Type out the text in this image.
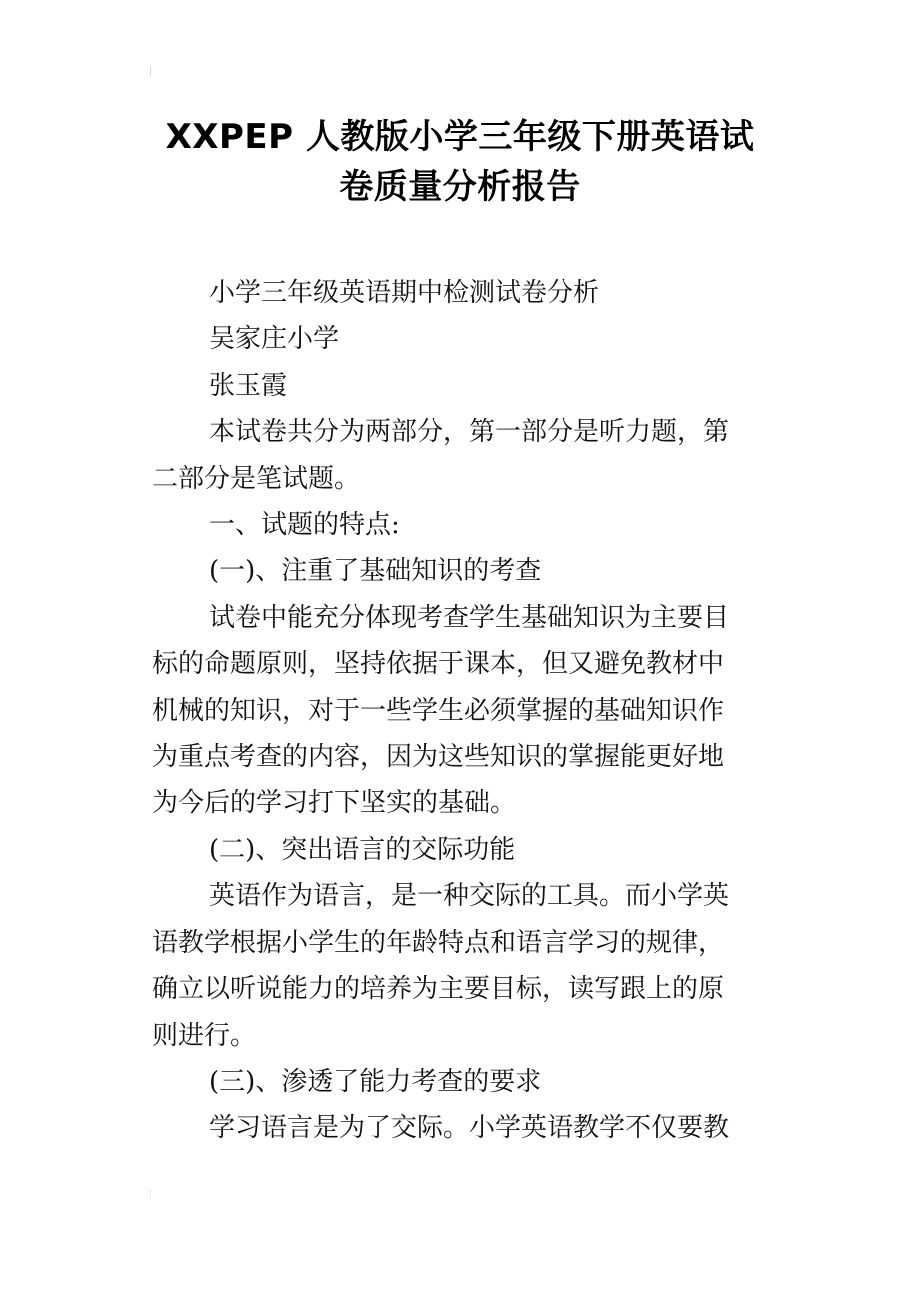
XXPEP 人教版小学三年级下册英语试
卷质量分析报告

小学三年级英语期中检测试卷分析

吴家庄小学

张玉霞

本试卷共分为两部分，第一部分是听力题，第
二部分是笔试题。

一、试题的特点:

(一)、注重了基础知识的考查

试卷中能充分体现考查学生基础知识为主要目
标的命题原则，坚持依据于课本，但又避免教材中
机械的知识，对于一些学生必须掌握的基础知识作
为重点考查的内容，因为这些知识的掌握能更好地
为今后的学习打下坚实的基础。

(二)、突出语言的交际功能

英语作为语言，是一种交际的工具。而小学英
语教学根据小学生的年龄特点和语言学习的规律，
确立以听说能力的培养为主要目标，读写跟上的原
则进行。

(三)、渗透了能力考查的要求

学习语言是为了交际。小学英语教学不仅要教
